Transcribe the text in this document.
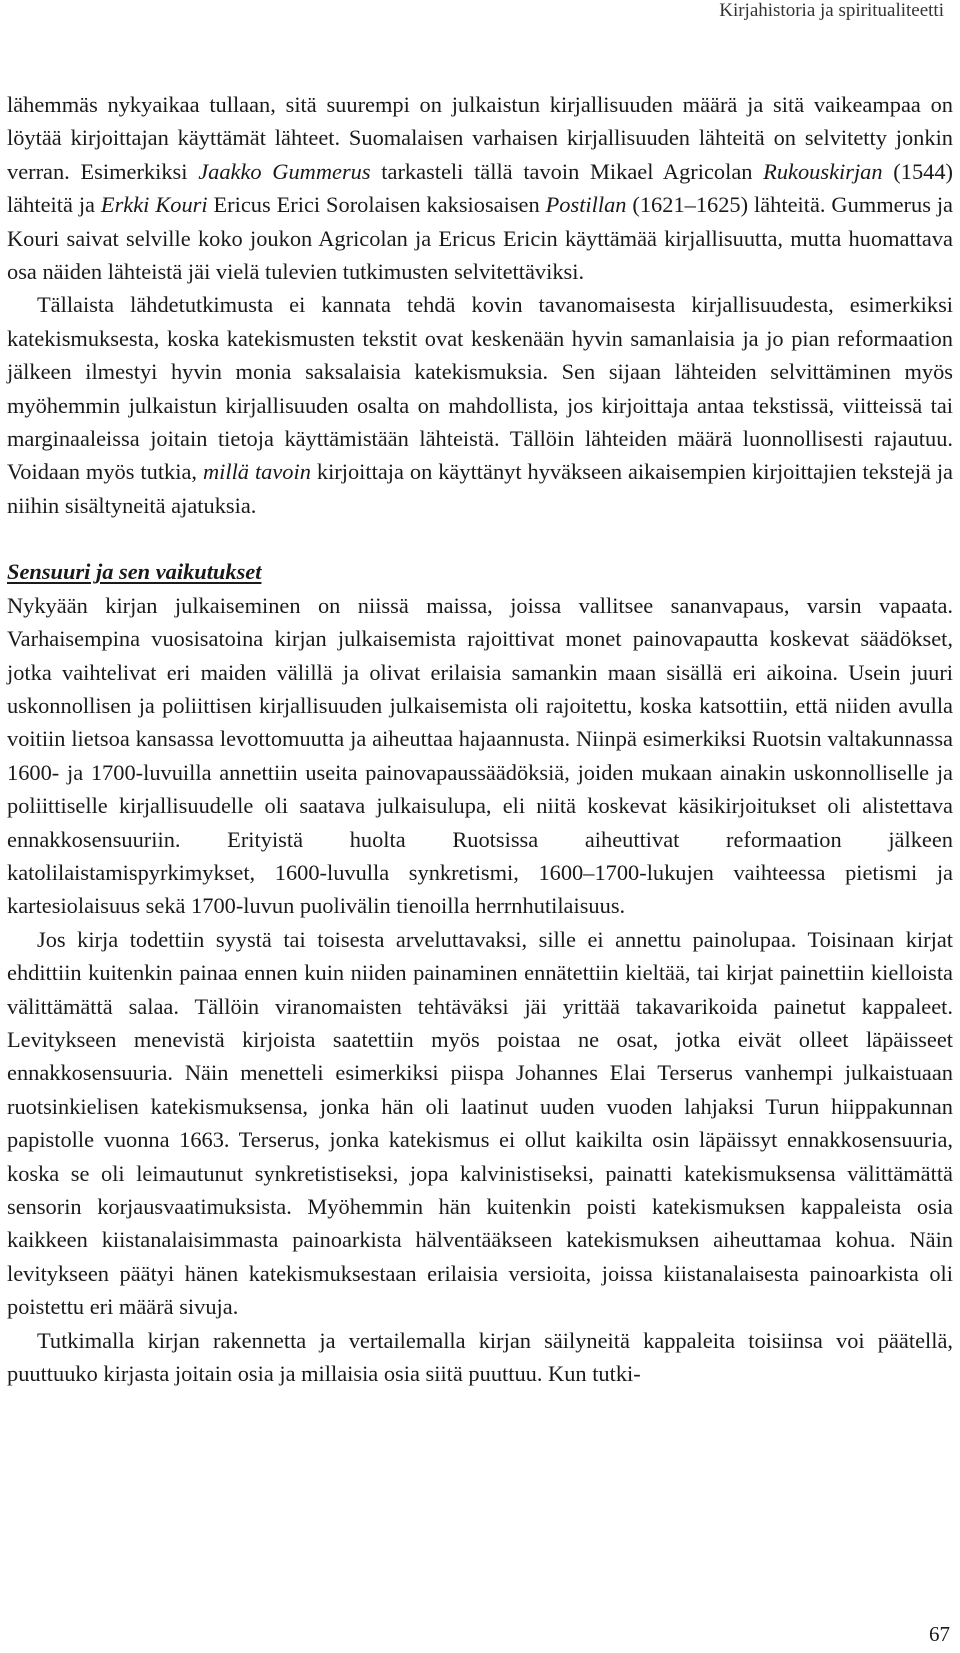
Kirjahistoria ja spiritualiteetti

lähemmäs nykyaikaa tullaan, sitä suurempi on julkaistun kirjallisuuden määrä ja sitä vaikeampaa on löytää kirjoittajan käyttämät lähteet. Suomalaisen varhaisen kirjallisuuden lähteitä on selvitetty jonkin verran. Esimerkiksi Jaakko Gummerus tarkasteli tällä tavoin Mikael Agricolan Rukouskirjan (1544) lähteitä ja Erkki Kouri Ericus Erici Sorolaisen kaksiosaisen Postillan (1621–1625) lähteitä. Gummerus ja Kouri saivat selville koko joukon Agricolan ja Ericus Ericin käyttämää kirjallisuutta, mutta huomattava osa näiden lähteistä jäi vielä tulevien tutkimusten selvitettäviksi.

Tällaista lähdetutkimusta ei kannata tehdä kovin tavanomaisesta kirjallisuudesta, esimerkiksi katekismuksesta, koska katekismusten tekstit ovat keskenään hyvin samanlaisia ja jo pian reformaation jälkeen ilmestyi hyvin monia saksalaisia katekismuksia. Sen sijaan lähteiden selvittäminen myös myöhemmin julkaistun kirjallisuuden osalta on mahdollista, jos kirjoittaja antaa tekstissä, viitteissä tai marginaaleissa joitain tietoja käyttämistään lähteistä. Tällöin lähteiden määrä luonnollisesti rajautuu. Voidaan myös tutkia, millä tavoin kirjoittaja on käyttänyt hyväkseen aikaisempien kirjoittajien tekstejä ja niihin sisältyneitä ajatuksia.

Sensuuri ja sen vaikutukset

Nykyään kirjan julkaiseminen on niissä maissa, joissa vallitsee sananvapaus, varsin vapaata. Varhaisempina vuosisatoina kirjan julkaisemista rajoittivat monet painovapautta koskevat säädökset, jotka vaihtelivat eri maiden välillä ja olivat erilaisia samankin maan sisällä eri aikoina. Usein juuri uskonnollisen ja poliittisen kirjallisuuden julkaisemista oli rajoitettu, koska katsottiin, että niiden avulla voitiin lietsoa kansassa levottomuutta ja aiheuttaa hajaannusta. Niinpä esimerkiksi Ruotsin valtakunnassa 1600- ja 1700-luvuilla annettiin useita painovapaussäädöksiä, joiden mukaan ainakin uskonnolliselle ja poliittiselle kirjallisuudelle oli saatava julkaisulupa, eli niitä koskevat käsikirjoitukset oli alistettava ennakkosensuuriin. Erityistä huolta Ruotsissa aiheuttivat reformaation jälkeen katolilaistamispyrkimykset, 1600-luvulla synkretismi, 1600–1700-lukujen vaihteessa pietismi ja kartesiolaisuus sekä 1700-luvun puolivälin tienoilla herrnhutilaisuus.

Jos kirja todettiin syystä tai toisesta arveluttavaksi, sille ei annettu painolupaa. Toisinaan kirjat ehdittiin kuitenkin painaa ennen kuin niiden painaminen ennätettiin kieltää, tai kirjat painettiin kielloista välittämättä salaa. Tällöin viranomaisten tehtäväksi jäi yrittää takavarikoida painetut kappaleet. Levitykseen menevistä kirjoista saatettiin myös poistaa ne osat, jotka eivät olleet läpäisseet ennakkosensuuria. Näin menetteli esimerkiksi piispa Johannes Elai Terserus vanhempi julkaistuaan ruotsinkielisen katekismuksensa, jonka hän oli laatinut uuden vuoden lahjaksi Turun hiippakunnan papistolle vuonna 1663. Terserus, jonka katekismus ei ollut kaikilta osin läpäissyt ennakkosensuuria, koska se oli leimautunut synkretistiseksi, jopa kalvinistiseksi, painatti katekismuksensa välittämättä sensorin korjausvaatimuksista. Myöhemmin hän kuitenkin poisti katekismuksen kappaleista osia kaikkeen kiistanalaisimmasta painoarkista hälventääkseen katekismuksen aiheuttamaa kohua. Näin levitykseen päätyi hänen katekismuksestaan erilaisia versioita, joissa kiistanalaisesta painoarkista oli poistettu eri määrä sivuja.

Tutkimalla kirjan rakennetta ja vertailemalla kirjan säilyneitä kappaleita toisiinsa voi päätellä, puuttuuko kirjasta joitain osia ja millaisia osia siitä puuttuu. Kun tutki-

67
